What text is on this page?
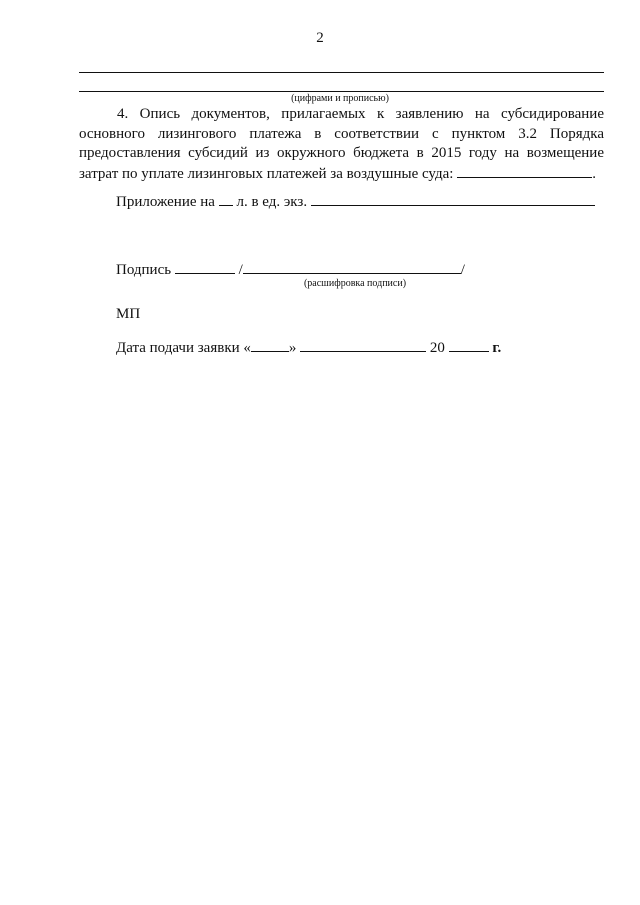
2
(цифрами и прописью)
4. Опись документов, прилагаемых к заявлению на субсидирование основного лизингового платежа в соответствии с пунктом 3.2 Порядка предоставления субсидий из окружного бюджета в 2015 году на возмещение затрат по уплате лизинговых платежей за воздушные суда:	.
Приложение на л. в ед. экз.
Подпись	/	/
(расшифровка подписи)
МП
Дата подачи заявки «	»	20	г.
